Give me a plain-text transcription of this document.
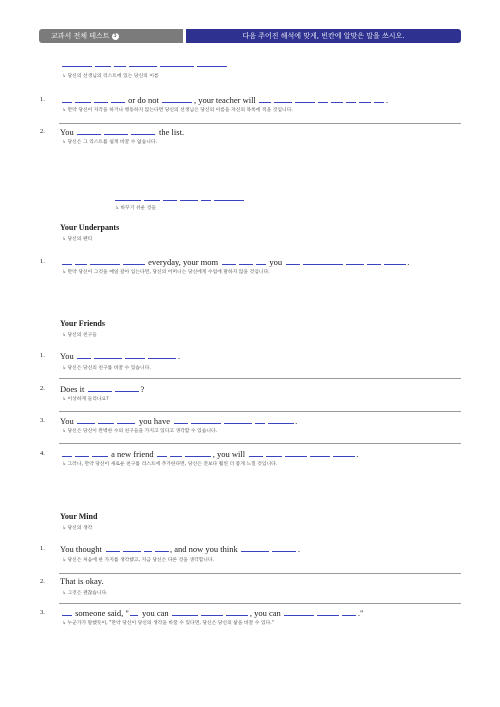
교과서 전체 테스트 3	다음 주어진 해석에 맞게, 빈칸에 알맞은 말을 쓰시오.
↳ 당신의 선생님의 리스트에 있는 당신의 이름
1.	or do not	, your teacher will	.
↳ 만약 당신이 지각을 하거나 행동하지 않는다면 당신의 선생님은 당신의 이름을 자신의 목록에 적을 것입니다.
2. You	the list.
↳ 당신은 그 리스트를 쉽게 바꿀 수 없습니다.
↳ 바꾸기 쉬운 것들
Your Underpants
↳ 당신의 팬티
1.	everyday, your mom	you	.
↳ 만약 당신이 그것을 매일 갈아 입는다면, 당신의 어머니는 당신에게 수업에 말하지 않을 것입니다.
Your Friends
↳ 당신의 친구들
1. You	.
↳ 당신은 당신의 친구를 바꿀 수 있습니다.
2. Does it	?
↳ 이상하게 들리나요?
3. You	you have	.
↳ 당신은 당신이 완벽한 수의 친구들을 가지고 있다고 생각할 수 있습니다.
4.	a new friend	, you will	.
↳ 그러나, 만약 당신이 새로운 친구를 리스트에 추가한다면, 당신은 전보다 훨씬 더 좋게 느낄 것입니다.
Your Mind
↳ 당신의 생각
1. You thought	, and now you think	.
↳ 당신은 처음에 한 가지를 생각했고, 지금 당신은 다른 것을 생각합니다.
2. That is okay.
↳ 그것은 괜찮습니다.
3.	someone said, " you can	, you can	."
↳ 누군가가 말했듯이, "만약 당신이 당신의 생각을 바꿀 수 있다면, 당신은 당신의 삶을 바꿀 수 있다."
